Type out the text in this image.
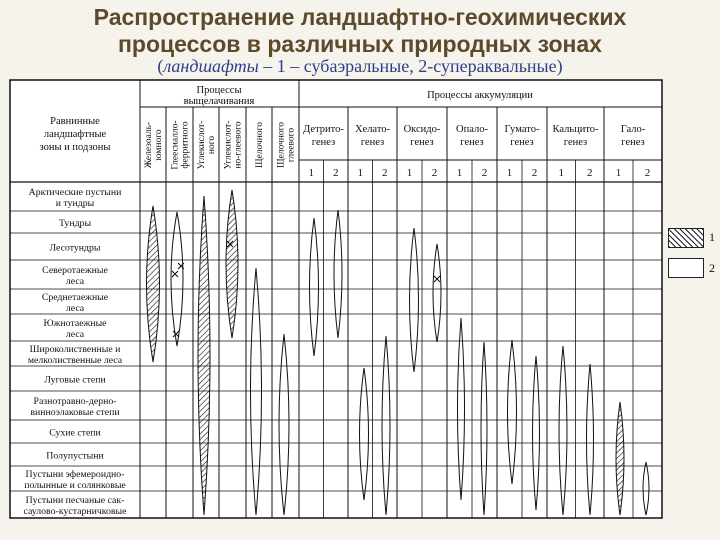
Распространение ландшафтно-геохимических
процессов в различных природных зонах
(ландшафты – 1 – субаэральные, 2-супераквальные)
Равнинные
ландшафтные
зоны и подзоны
Процессы
выщелачивания
Процессы аккумуляции
Железоаль- юмного Глеесиалло- ферритного Углекислот- ного Углекислот- но-глеевого Щелочного Щелочного глеевого Детрито-
генез
1 2
Хелато-
генез
1 2
Оксидо-
генез
1 2
Опало-
генез
1 2
Гумато-
генез
1 2
Кальцито-
генез
1 2
Гало-
генез
1 2
Арктические пустыни
и тундры
Тундры
Лесотундры
Северотаежные
леса
Среднетаежные
леса
Южнотаежные
леса
Широколиственные и
мелколиственные леса
Луговые степи
Разнотравно-дерно-
винноэлаковые степи
Сухие степи
Полупустыни
Пустыни эфемероидно-
полынные и солянковые
Пустыни песчаные сак-
сауловo-кустарничковые
1
2
